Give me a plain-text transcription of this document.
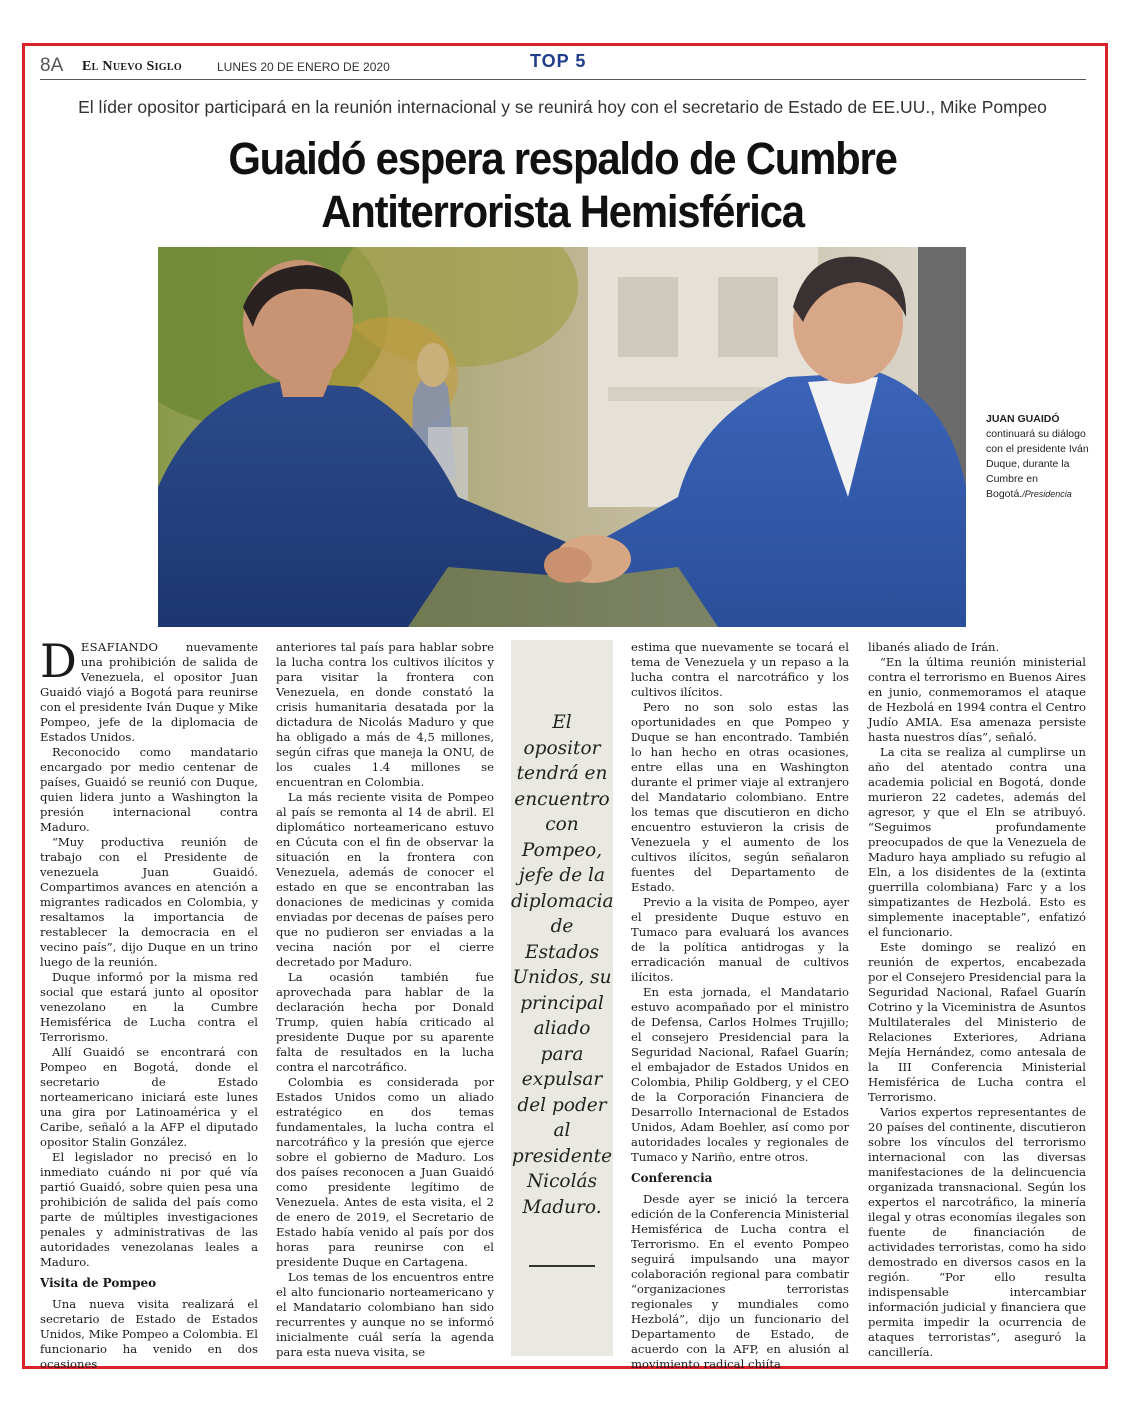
8A El Nuevo Siglo	LUNES 20 DE ENERO DE 2020	TOP 5
El líder opositor participará en la reunión internacional y se reunirá hoy con el secretario de Estado de EE.UU., Mike Pompeo
Guaidó espera respaldo de Cumbre
Antiterrorista Hemisférica
JUAN GUAIDÓ continuará su diálogo con el presidente Iván Duque, durante la Cumbre en Bogotá./Presidencia

DESAFIANDO nuevamente una prohibición de salida de Venezuela, el opositor Juan Guaidó viajó a Bogotá para reunirse con el presidente Iván Duque y Mike Pompeo, jefe de la diplomacia de Estados Unidos.

Reconocido como mandatario encargado por medio centenar de países, Guaidó se reunió con Duque, quien lidera junto a Washington la presión internacional contra Maduro.

“Muy productiva reunión de trabajo con el Presidente de venezuela Juan Guaidó. Compartimos avances en atención a migrantes radicados en Colombia, y resaltamos la importancia de restablecer la democracia en el vecino país”, dijo Duque en un trino luego de la reunión.

Duque informó por la misma red social que estará junto al opositor venezolano en la Cumbre Hemisférica de Lucha contra el Terrorismo.

Allí Guaidó se encontrará con Pompeo en Bogotá, donde el secretario de Estado norteamericano iniciará este lunes una gira por Latinoamérica y el Caribe, señaló a la AFP el diputado opositor Stalin González.

El legislador no precisó en lo inmediato cuándo ni por qué vía partió Guaidó, sobre quien pesa una prohibición de salida del país como parte de múltiples investigaciones penales y administrativas de las autoridades venezolanas leales a Maduro.

Visita de Pompeo

Una nueva visita realizará el secretario de Estado de Estados Unidos, Mike Pompeo a Colombia. El funcionario ha venido en dos ocasiones

anteriores tal país para hablar sobre la lucha contra los cultivos ilícitos y para visitar la frontera con Venezuela, en donde constató la crisis humanitaria desatada por la dictadura de Nicolás Maduro y que ha obligado a más de 4,5 millones, según cifras que maneja la ONU, de los cuales 1.4 millones se encuentran en Colombia.

La más reciente visita de Pompeo al país se remonta al 14 de abril. El diplomático norteamericano estuvo en Cúcuta con el fin de observar la situación en la frontera con Venezuela, además de conocer el estado en que se encontraban las donaciones de medicinas y comida enviadas por decenas de países pero que no pudieron ser enviadas a la vecina nación por el cierre decretado por Maduro.

La ocasión también fue aprovechada para hablar de la declaración hecha por Donald Trump, quien había criticado al presidente Duque por su aparente falta de resultados en la lucha contra el narcotráfico.

Colombia es considerada por Estados Unidos como un aliado estratégico en dos temas fundamentales, la lucha contra el narcotráfico y la presión que ejerce sobre el gobierno de Maduro. Los dos países reconocen a Juan Guaidó como presidente legítimo de Venezuela. Antes de esta visita, el 2 de enero de 2019, el Secretario de Estado había venido al país por dos horas para reunirse con el presidente Duque en Cartagena.

Los temas de los encuentros entre el alto funcionario norteamericano y el Mandatario colombiano han sido recurrentes y aunque no se informó inicialmente cuál sería la agenda para esta nueva visita, se

El opositor tendrá en encuentro con Pompeo, jefe de la diplomacia de Estados Unidos, su principal aliado para expulsar del poder al presidente Nicolás Maduro.

estima que nuevamente se tocará el tema de Venezuela y un repaso a la lucha contra el narcotráfico y los cultivos ilícitos.

Pero no son solo estas las oportunidades en que Pompeo y Duque se han encontrado. También lo han hecho en otras ocasiones, entre ellas una en Washington durante el primer viaje al extranjero del Mandatario colombiano. Entre los temas que discutieron en dicho encuentro estuvieron la crisis de Venezuela y el aumento de los cultivos ilícitos, según señalaron fuentes del Departamento de Estado.

Previo a la visita de Pompeo, ayer el presidente Duque estuvo en Tumaco para evaluará los avances de la política antidrogas y la erradicación manual de cultivos ilícitos.

En esta jornada, el Mandatario estuvo acompañado por el ministro de Defensa, Carlos Holmes Trujillo; el consejero Presidencial para la Seguridad Nacional, Rafael Guarín; el embajador de Estados Unidos en Colombia, Philip Goldberg, y el CEO de la Corporación Financiera de Desarrollo Internacional de Estados Unidos, Adam Boehler, así como por autoridades locales y regionales de Tumaco y Nariño, entre otros.

Conferencia

Desde ayer se inició la tercera edición de la Conferencia Ministerial Hemisférica de Lucha contra el Terrorismo. En el evento Pompeo seguirá impulsando una mayor colaboración regional para combatir “organizaciones terroristas regionales y mundiales como Hezbolá”, dijo un funcionario del Departamento de Estado, de acuerdo con la AFP, en alusión al movimiento radical chiíta

libanés aliado de Irán.

“En la última reunión ministerial contra el terrorismo en Buenos Aires en junio, conmemoramos el ataque de Hezbolá en 1994 contra el Centro Judío AMIA. Esa amenaza persiste hasta nuestros días”, señaló.

La cita se realiza al cumplirse un año del atentado contra una academia policial en Bogotá, donde murieron 22 cadetes, además del agresor, y que el Eln se atribuyó. “Seguimos profundamente preocupados de que la Venezuela de Maduro haya ampliado su refugio al Eln, a los disidentes de la (extinta guerrilla colombiana) Farc y a los simpatizantes de Hezbolá. Esto es simplemente inaceptable”, enfatizó el funcionario.

Este domingo se realizó en reunión de expertos, encabezada por el Consejero Presidencial para la Seguridad Nacional, Rafael Guarín Cotrino y la Viceministra de Asuntos Multilaterales del Ministerio de Relaciones Exteriores, Adriana Mejía Hernández, como antesala de la III Conferencia Ministerial Hemisférica de Lucha contra el Terrorismo.

Varios expertos representantes de 20 países del continente, discutieron sobre los vínculos del terrorismo internacional con las diversas manifestaciones de la delincuencia organizada transnacional. Según los expertos el narcotráfico, la minería ilegal y otras economías ilegales son fuente de financiación de actividades terroristas, como ha sido demostrado en diversos casos en la región. “Por ello resulta indispensable intercambiar información judicial y financiera que permita impedir la ocurrencia de ataques terroristas”, aseguró la cancillería.
